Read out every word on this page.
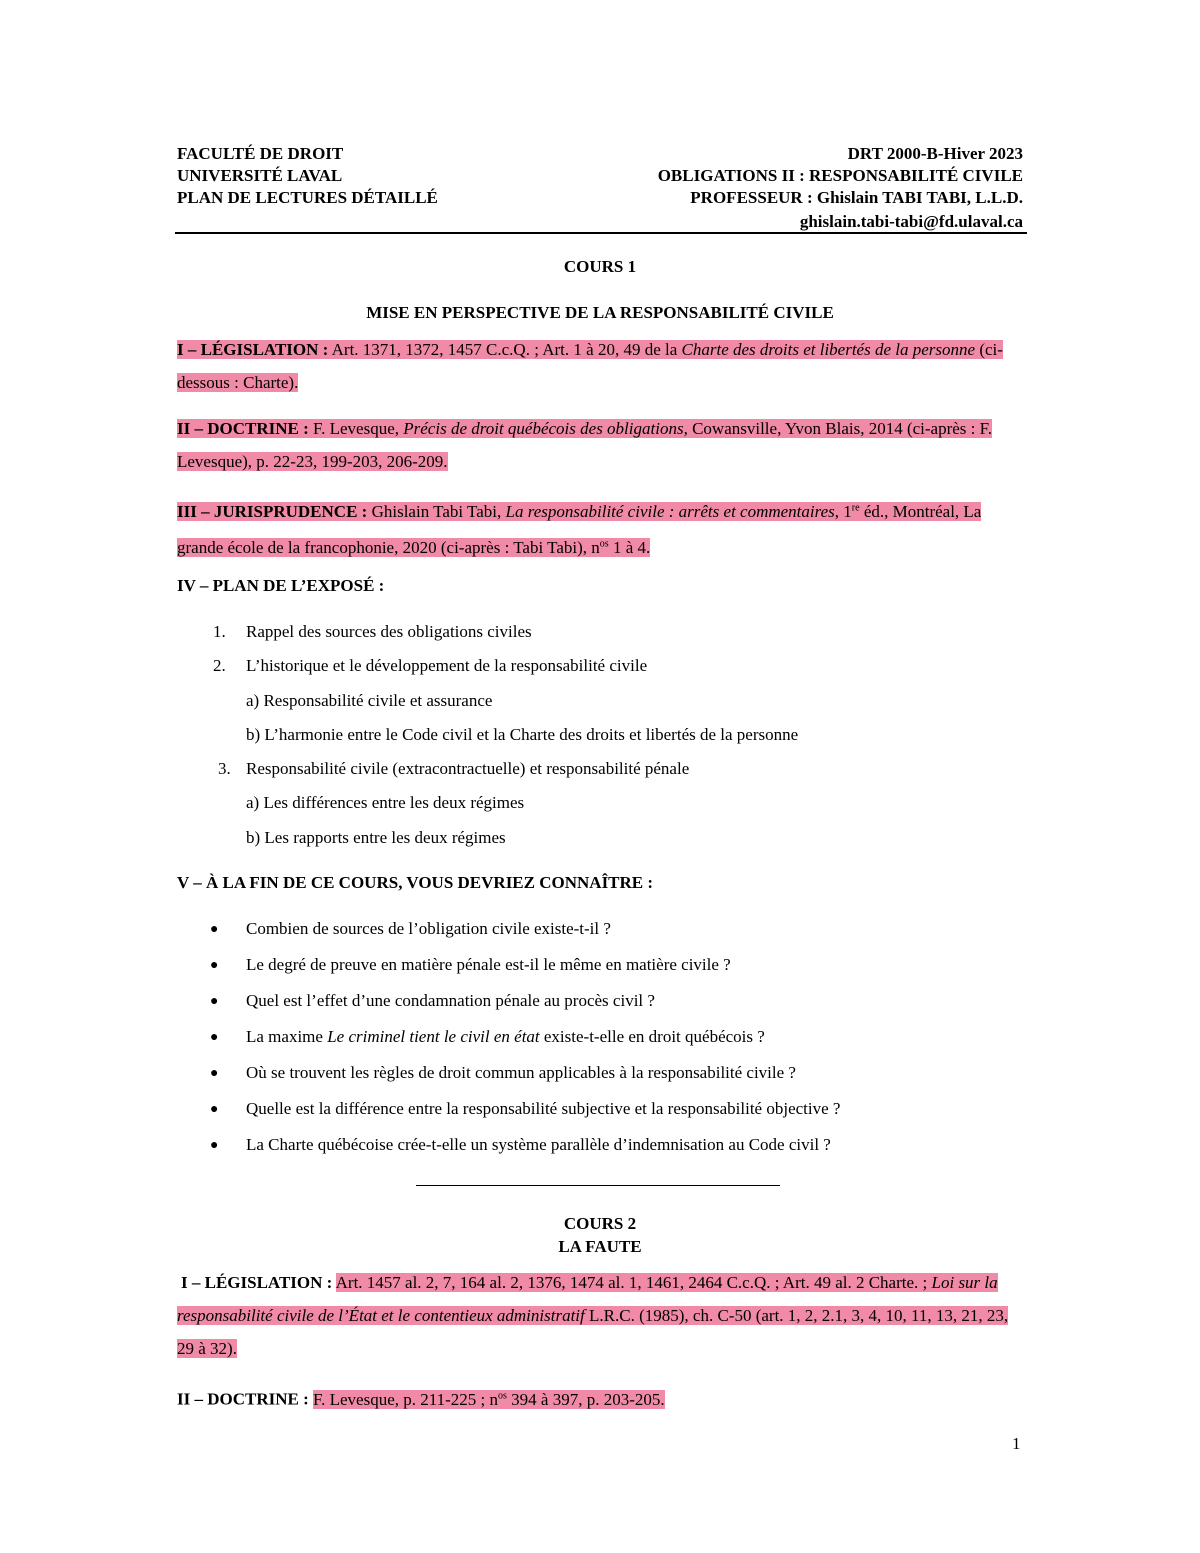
FACULTÉ DE DROIT
UNIVERSITÉ LAVAL
PLAN DE LECTURES DÉTAILLÉ
DRT 2000-B-Hiver 2023
OBLIGATIONS II : RESPONSABILITÉ CIVILE
PROFESSEUR : Ghislain TABI TABI, L.L.D.
ghislain.tabi-tabi@fd.ulaval.ca
COURS 1
MISE EN PERSPECTIVE DE LA RESPONSABILITÉ CIVILE
I – LÉGISLATION : Art. 1371, 1372, 1457 C.c.Q. ; Art. 1 à 20, 49 de la Charte des droits et libertés de la personne (ci-dessous : Charte).
II – DOCTRINE : F. Levesque, Précis de droit québécois des obligations, Cowansville, Yvon Blais, 2014 (ci-après : F. Levesque), p. 22-23, 199-203, 206-209.
III – JURISPRUDENCE : Ghislain Tabi Tabi, La responsabilité civile : arrêts et commentaires, 1re éd., Montréal, La grande école de la francophonie, 2020 (ci-après : Tabi Tabi), $n^{os}$ 1 à 4.
IV – PLAN DE L’EXPOSÉ :
1. Rappel des sources des obligations civiles
2. L’historique et le développement de la responsabilité civile
a) Responsabilité civile et assurance
b) L’harmonie entre le Code civil et la Charte des droits et libertés de la personne
3. Responsabilité civile (extracontractuelle) et responsabilité pénale
a) Les différences entre les deux régimes
b) Les rapports entre les deux régimes
V – À LA FIN DE CE COURS, VOUS DEVRIEZ CONNAÎTRE :
● Combien de sources de l’obligation civile existe-t-il ?
● Le degré de preuve en matière pénale est-il le même en matière civile ?
● Quel est l’effet d’une condamnation pénale au procès civil ?
● La maxime Le criminel tient le civil en état existe-t-elle en droit québécois ?
● Où se trouvent les règles de droit commun applicables à la responsabilité civile ?
● Quelle est la différence entre la responsabilité subjective et la responsabilité objective ?
● La Charte québécoise crée-t-elle un système parallèle d’indemnisation au Code civil ?
COURS 2
LA FAUTE
I – LÉGISLATION : Art. 1457 al. 2, 7, 164 al. 2, 1376, 1474 al. 1, 1461, 2464 C.c.Q. ; Art. 49 al. 2 Charte. ; Loi sur la responsabilité civile de l’État et le contentieux administratif L.R.C. (1985), ch. C-50 (art. 1, 2, 2.1, 3, 4, 10, 11, 13, 21, 23, 29 à 32).
II – DOCTRINE : F. Levesque, p. 211-225 ; $n^{os}$ 394 à 397, p. 203-205.
1
